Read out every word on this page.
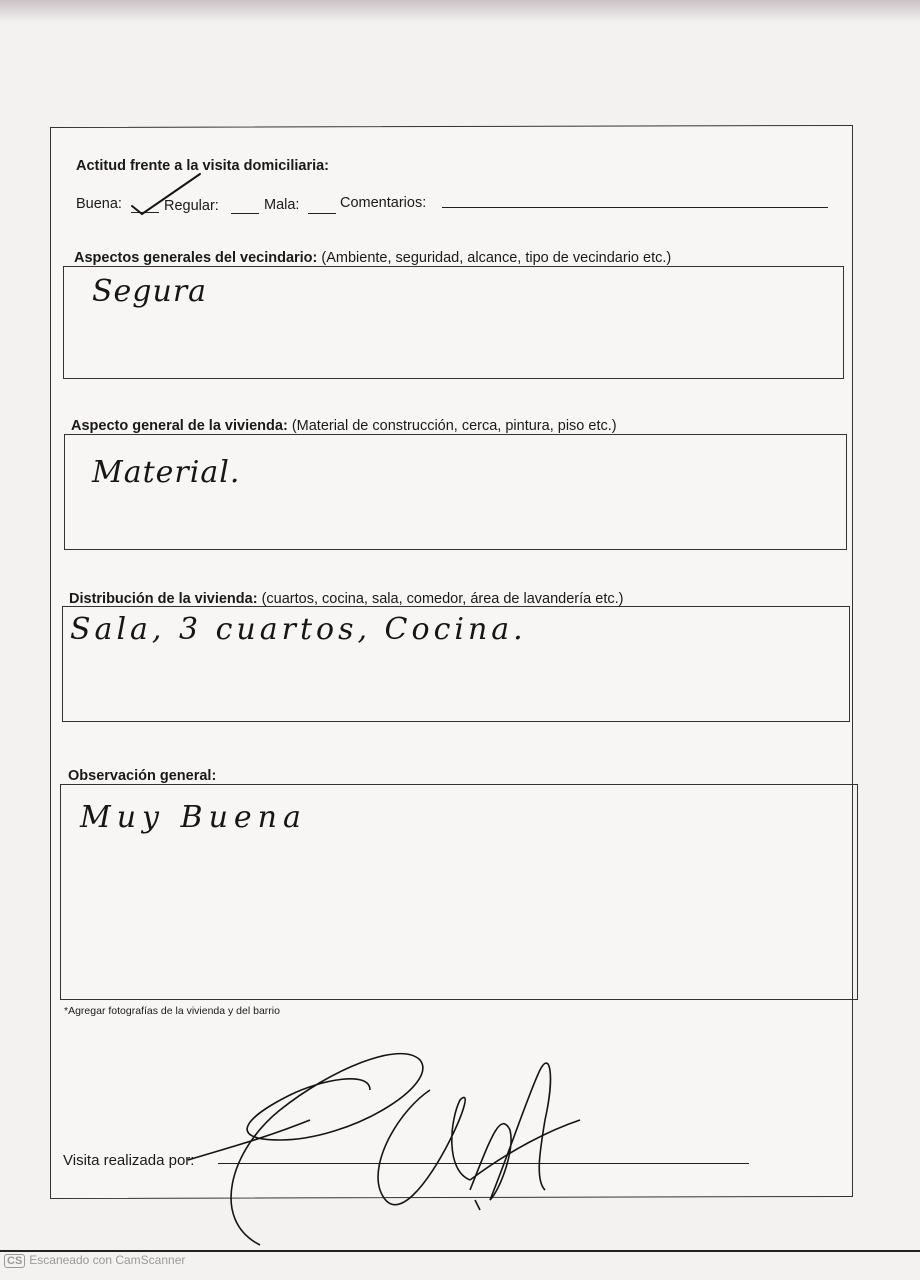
Actitud frente a la visita domiciliaria:
Buena:	Regular:	Mala:	Comentarios:
Aspectos generales del vecindario: (Ambiente, seguridad, alcance, tipo de vecindario etc.)
Segura
Aspecto general de la vivienda: (Material de construcción, cerca, pintura, piso etc.)
Material.
Distribución de la vivienda: (cuartos, cocina, sala, comedor, área de lavandería etc.)
Sala, 3 cuartos, Cocina.
Observación general:
Muy Buena
*Agregar fotografías de la vivienda y del barrio
Visita realizada por:
CS Escaneado con CamScanner
